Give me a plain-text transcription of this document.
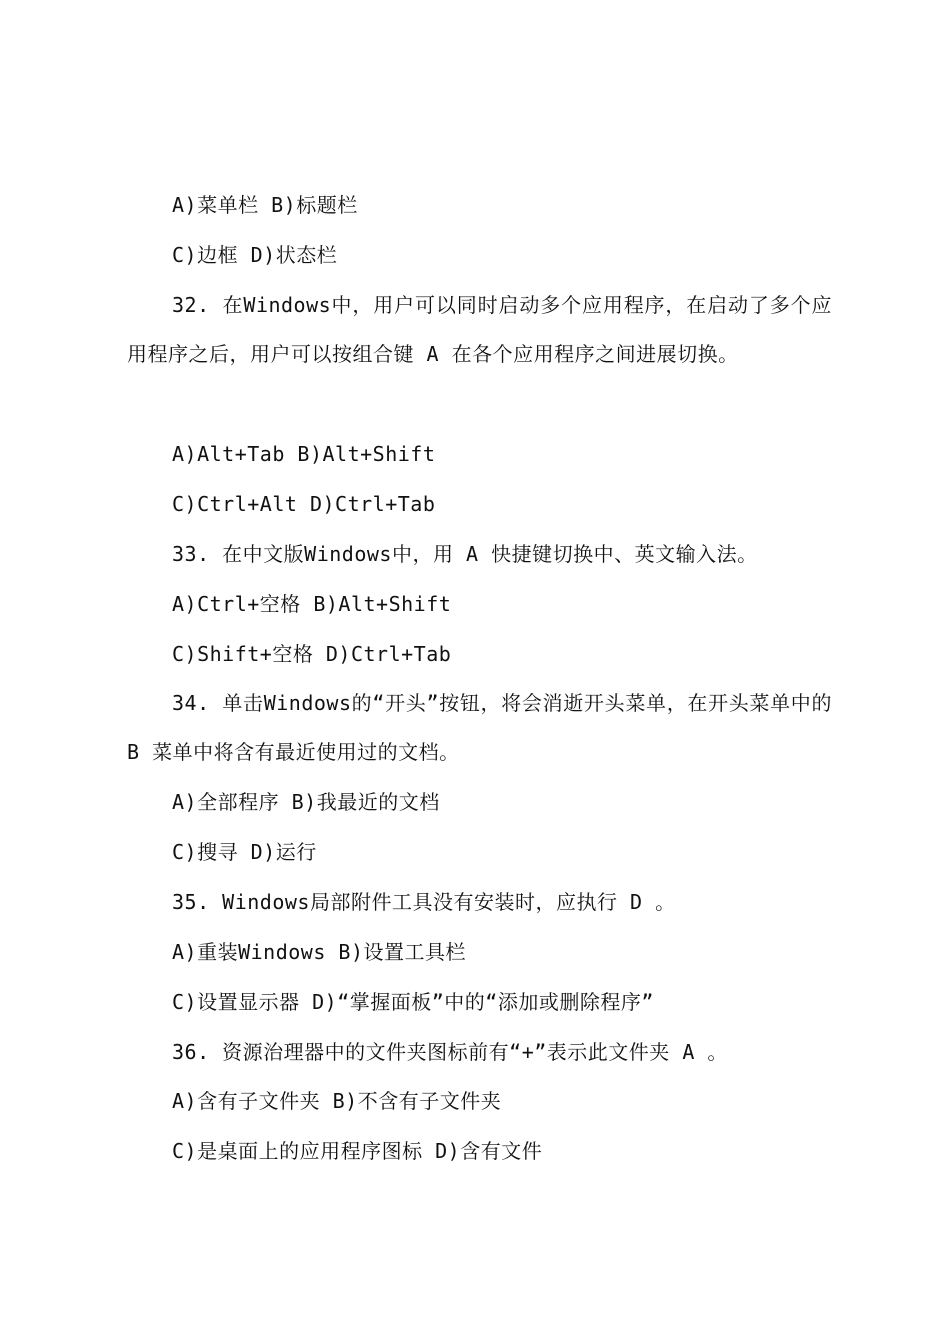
A)菜单栏 B)标题栏
C)边框 D)状态栏
32. 在Windows中，用户可以同时启动多个应用程序，在启动了多个应用程序之后，用户可以按组合键 A 在各个应用程序之间进展切换。
A)Alt+Tab B)Alt+Shift
C)Ctrl+Alt D)Ctrl+Tab
33. 在中文版Windows中，用 A 快捷键切换中、英文输入法。
A)Ctrl+空格 B)Alt+Shift
C)Shift+空格 D)Ctrl+Tab
34. 单击Windows的“开头”按钮，将会消逝开头菜单，在开头菜单中的 B 菜单中将含有最近使用过的文档。
A)全部程序 B)我最近的文档
C)搜寻 D)运行
35. Windows局部附件工具没有安装时，应执行 D 。
A)重装Windows B)设置工具栏
C)设置显示器 D)“掌握面板”中的“添加或删除程序”
36. 资源治理器中的文件夹图标前有“+”表示此文件夹 A 。
A)含有子文件夹 B)不含有子文件夹
C)是桌面上的应用程序图标 D)含有文件
